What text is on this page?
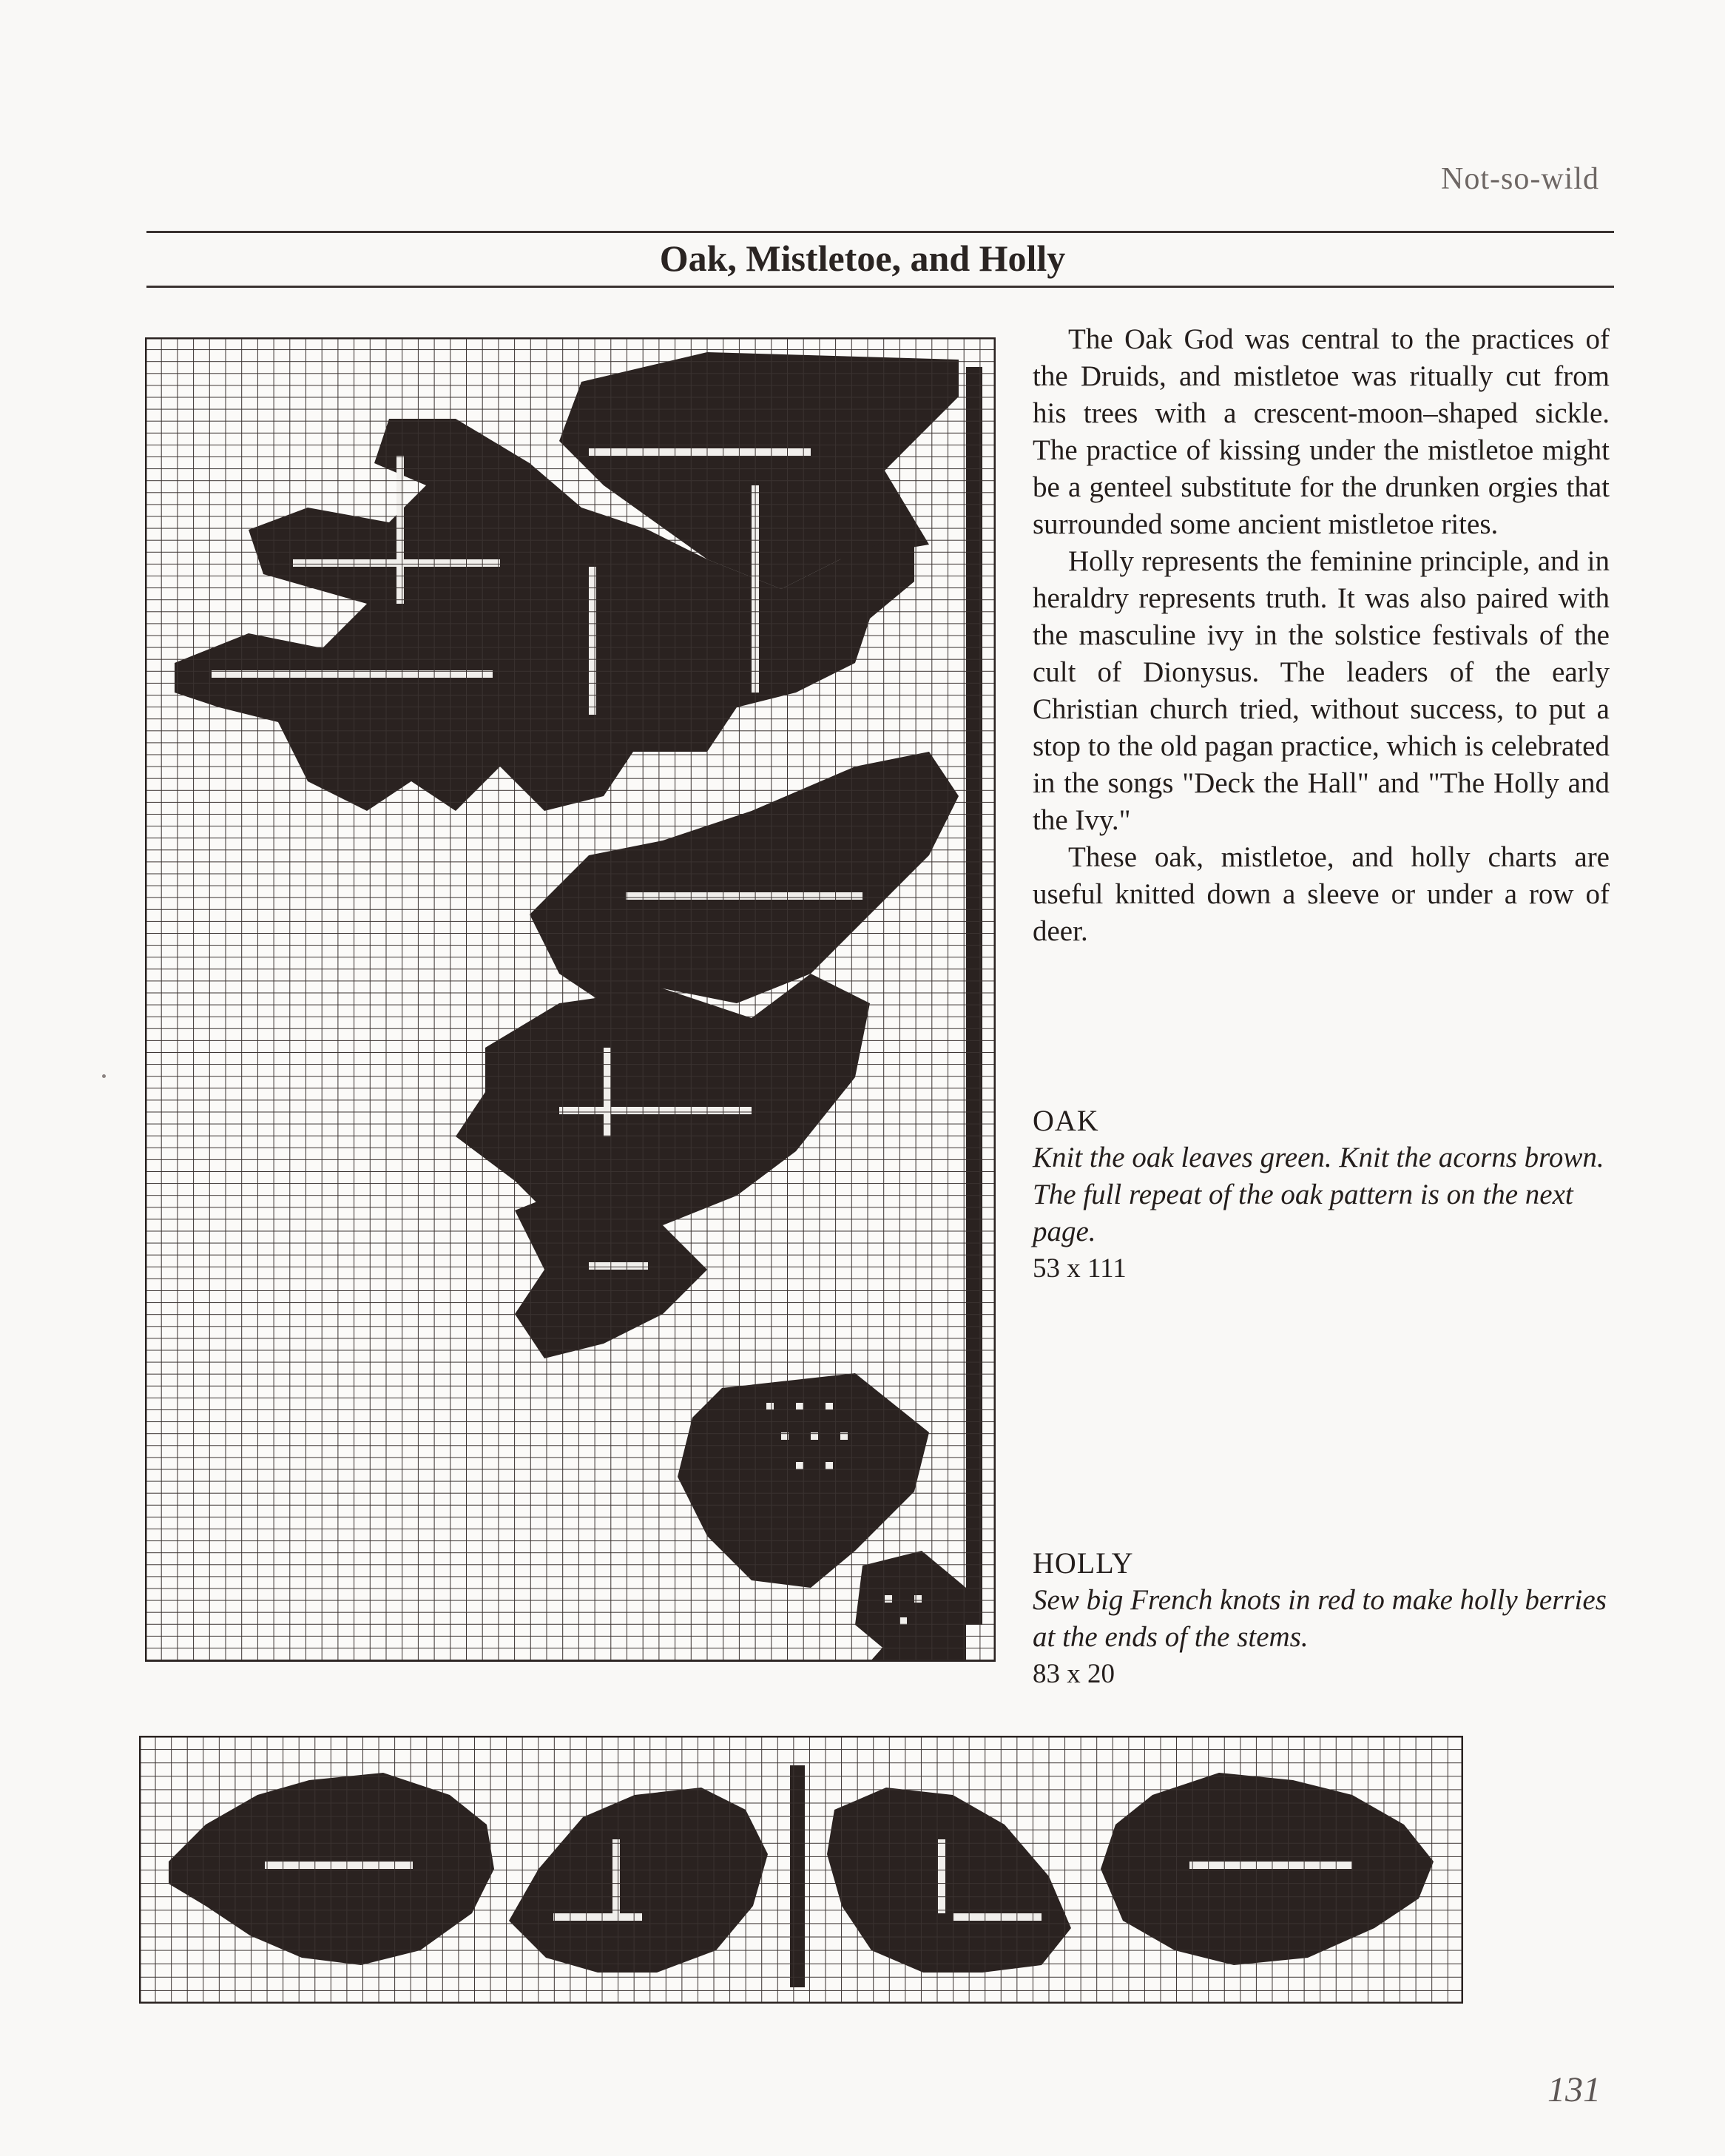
Not-so-wild
Oak, Mistletoe, and Holly

The Oak God was central to the practices of the Druids, and mistletoe was ritually cut from his trees with a crescent-moon–shaped sickle. The practice of kissing under the mistletoe might be a genteel substitute for the drunken orgies that surrounded some ancient mistletoe rites.

Holly represents the feminine principle, and in heraldry represents truth. It was also paired with the masculine ivy in the solstice festivals of the cult of Dionysus. The leaders of the early Christian church tried, without success, to put a stop to the old pagan practice, which is celebrated in the songs "Deck the Hall" and "The Holly and the Ivy."

These oak, mistletoe, and holly charts are useful knitted down a sleeve or under a row of deer.

OAK

Knit the oak leaves green. Knit the acorns brown. The full repeat of the oak pattern is on the next page.

53 x 111

HOLLY

Sew big French knots in red to make holly berries at the ends of the stems.

83 x 20

131
